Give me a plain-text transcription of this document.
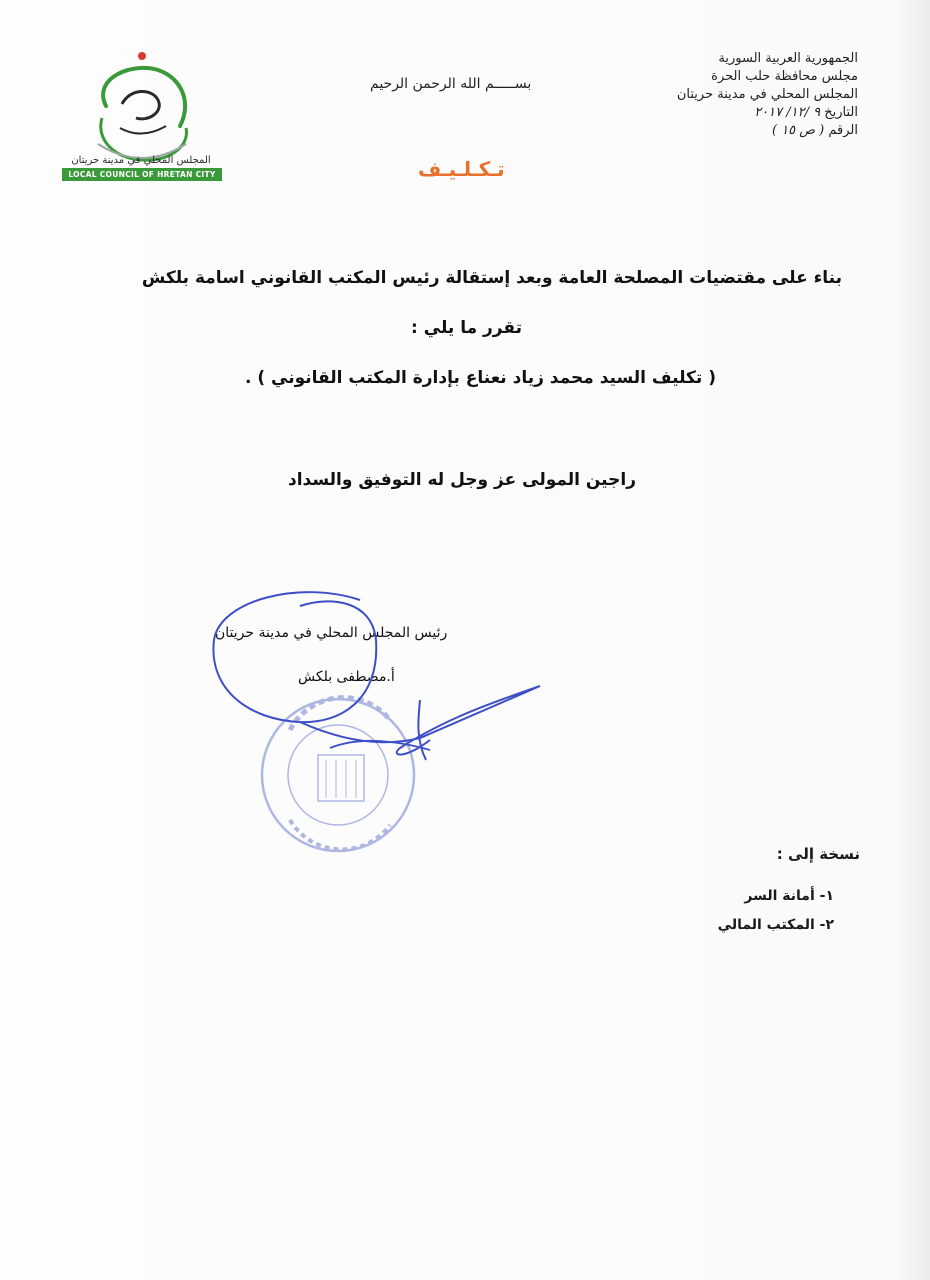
المجلس المحلي في مدينة حريتان
LOCAL COUNCIL OF HRETAN CITY
بســـــم الله الرحمن الرحيم
الجمهورية العربية السورية
مجلس محافظة حلب الحرة
المجلس المحلي في مدينة حريتان
التاريخ ٩ /١٢/ ٢٠١٧
الرقم ( ص ١٥ )
تـكـلـيـف
بناء على مقتضيات المصلحة العامة وبعد إستقالة رئيس المكتب القانوني اسامة بلكش
تقرر ما يلي :
( تكليف السيد محمد زياد نعناع بإدارة المكتب القانوني ) .
راجين المولى عز وجل له التوفيق والسداد
رئيس المجلس المحلي في مدينة حريتان
أ.مصطفى بلكش
نسخة إلى :
١- أمانة السر
٢- المكتب المالي
